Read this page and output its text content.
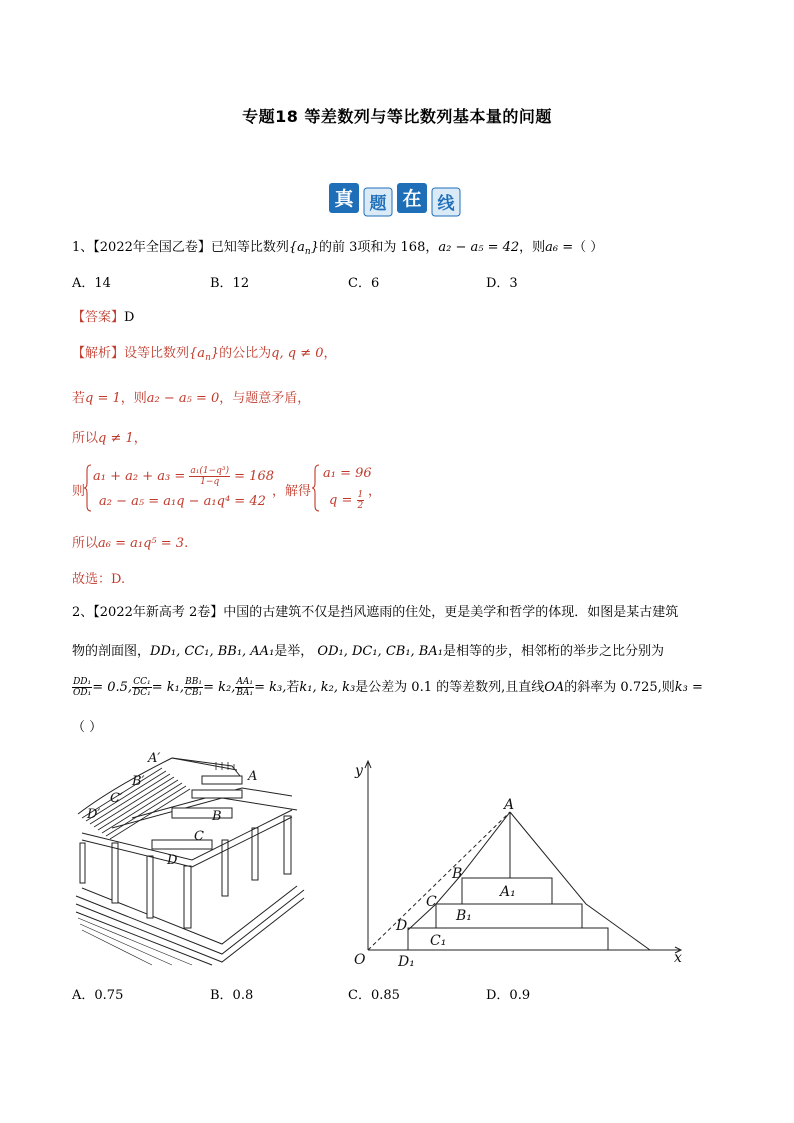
专题18 等差数列与等比数列基本量的问题
真 题 在 线
1、【2022年全国乙卷】已知等比数列$\{a_n\}$的前 3项和为 168，a₂ − a₅ = 42，则a₆ =（ ）
A．14	B．12	C．6	D．3
【答案】D
【解析】设等比数列$\{a_n\}$的公比为q, q ≠ 0，
若q = 1，则a₂ − a₅ = 0，与题意矛盾，
所以q ≠ 1，
则
$a_1 + a_2 + a_3 = \frac{\text{a₁(1−q³)}}{1-q} = 168$
a₂ − a₅ = a₁q − a₁q⁴ = 42
，解得
a₁ = 96
$q = \frac{1}{2}$ ，
所以a₆ = a₁q⁵ = 3.
故选：D.
2、【2022年新高考 2卷】中国的古建筑不仅是挡风遮雨的住处，更是美学和哲学的体现．如图是某古建筑
物的剖面图，DD₁, CC₁, BB₁, AA₁是举， OD₁, DC₁, CB₁, BA₁是相等的步，相邻桁的举步之比分别为
$\frac{\text{DD₁}}{\text{OD₁}} = 0.5$, $\frac{\text{CC₁}}{\text{DC₁}} = k_1$, $\frac{\text{BB₁}}{\text{CB₁}} = k_2$, $\frac{\text{AA₁}}{\text{BA₁}} = k_3$,若k₁, k₂, k₃是公差为 0.1 的等差数列,且直线OA的斜率为 0.725,则k₃ =
（ ）
A′
A
B′
B
C′
C
D′
D
y
x
O
A
B
C
D
A₁
B₁
C₁
D₁
A．0.75	B．0.8	C．0.85	D．0.9
